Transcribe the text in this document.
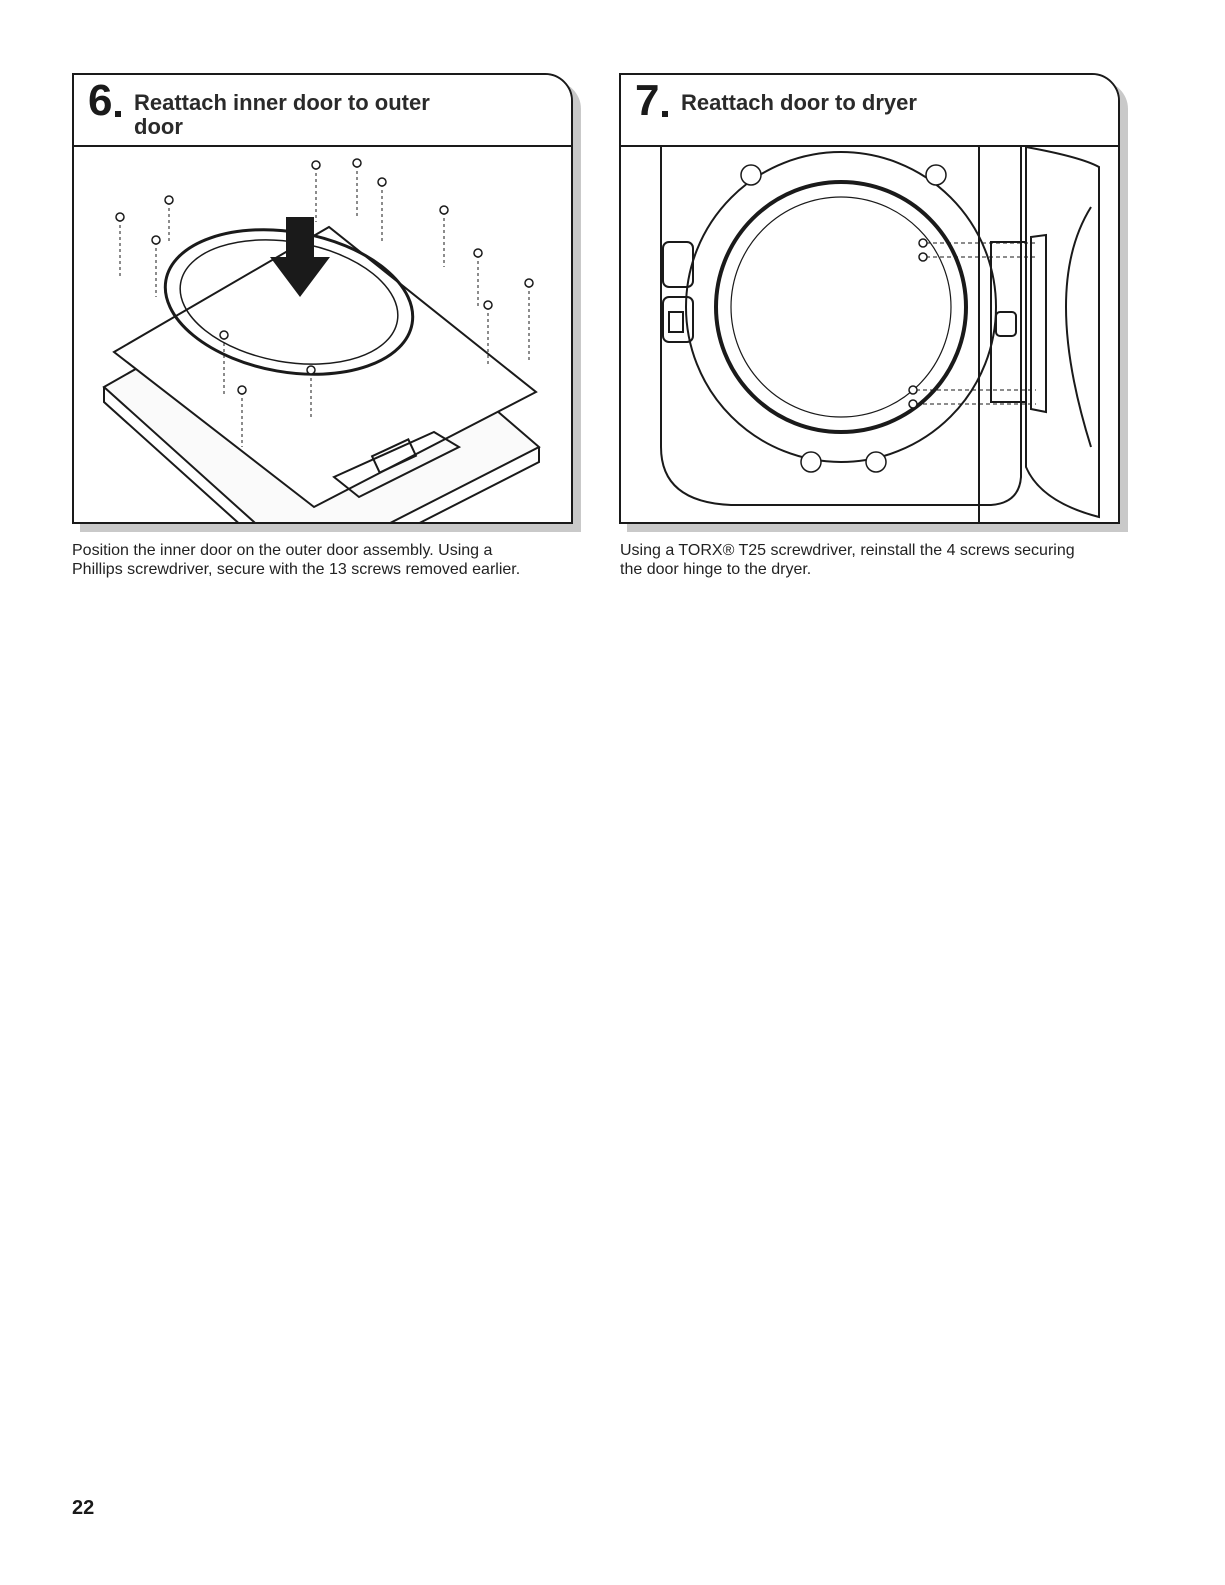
6 Reattach inner door to outer door
Position the inner door on the outer door assembly. Using a Phillips screwdriver, secure with the 13 screws removed earlier.
7 Reattach door to dryer
Using a TORX® T25 screwdriver, reinstall the 4 screws securing the door hinge to the dryer.
22
